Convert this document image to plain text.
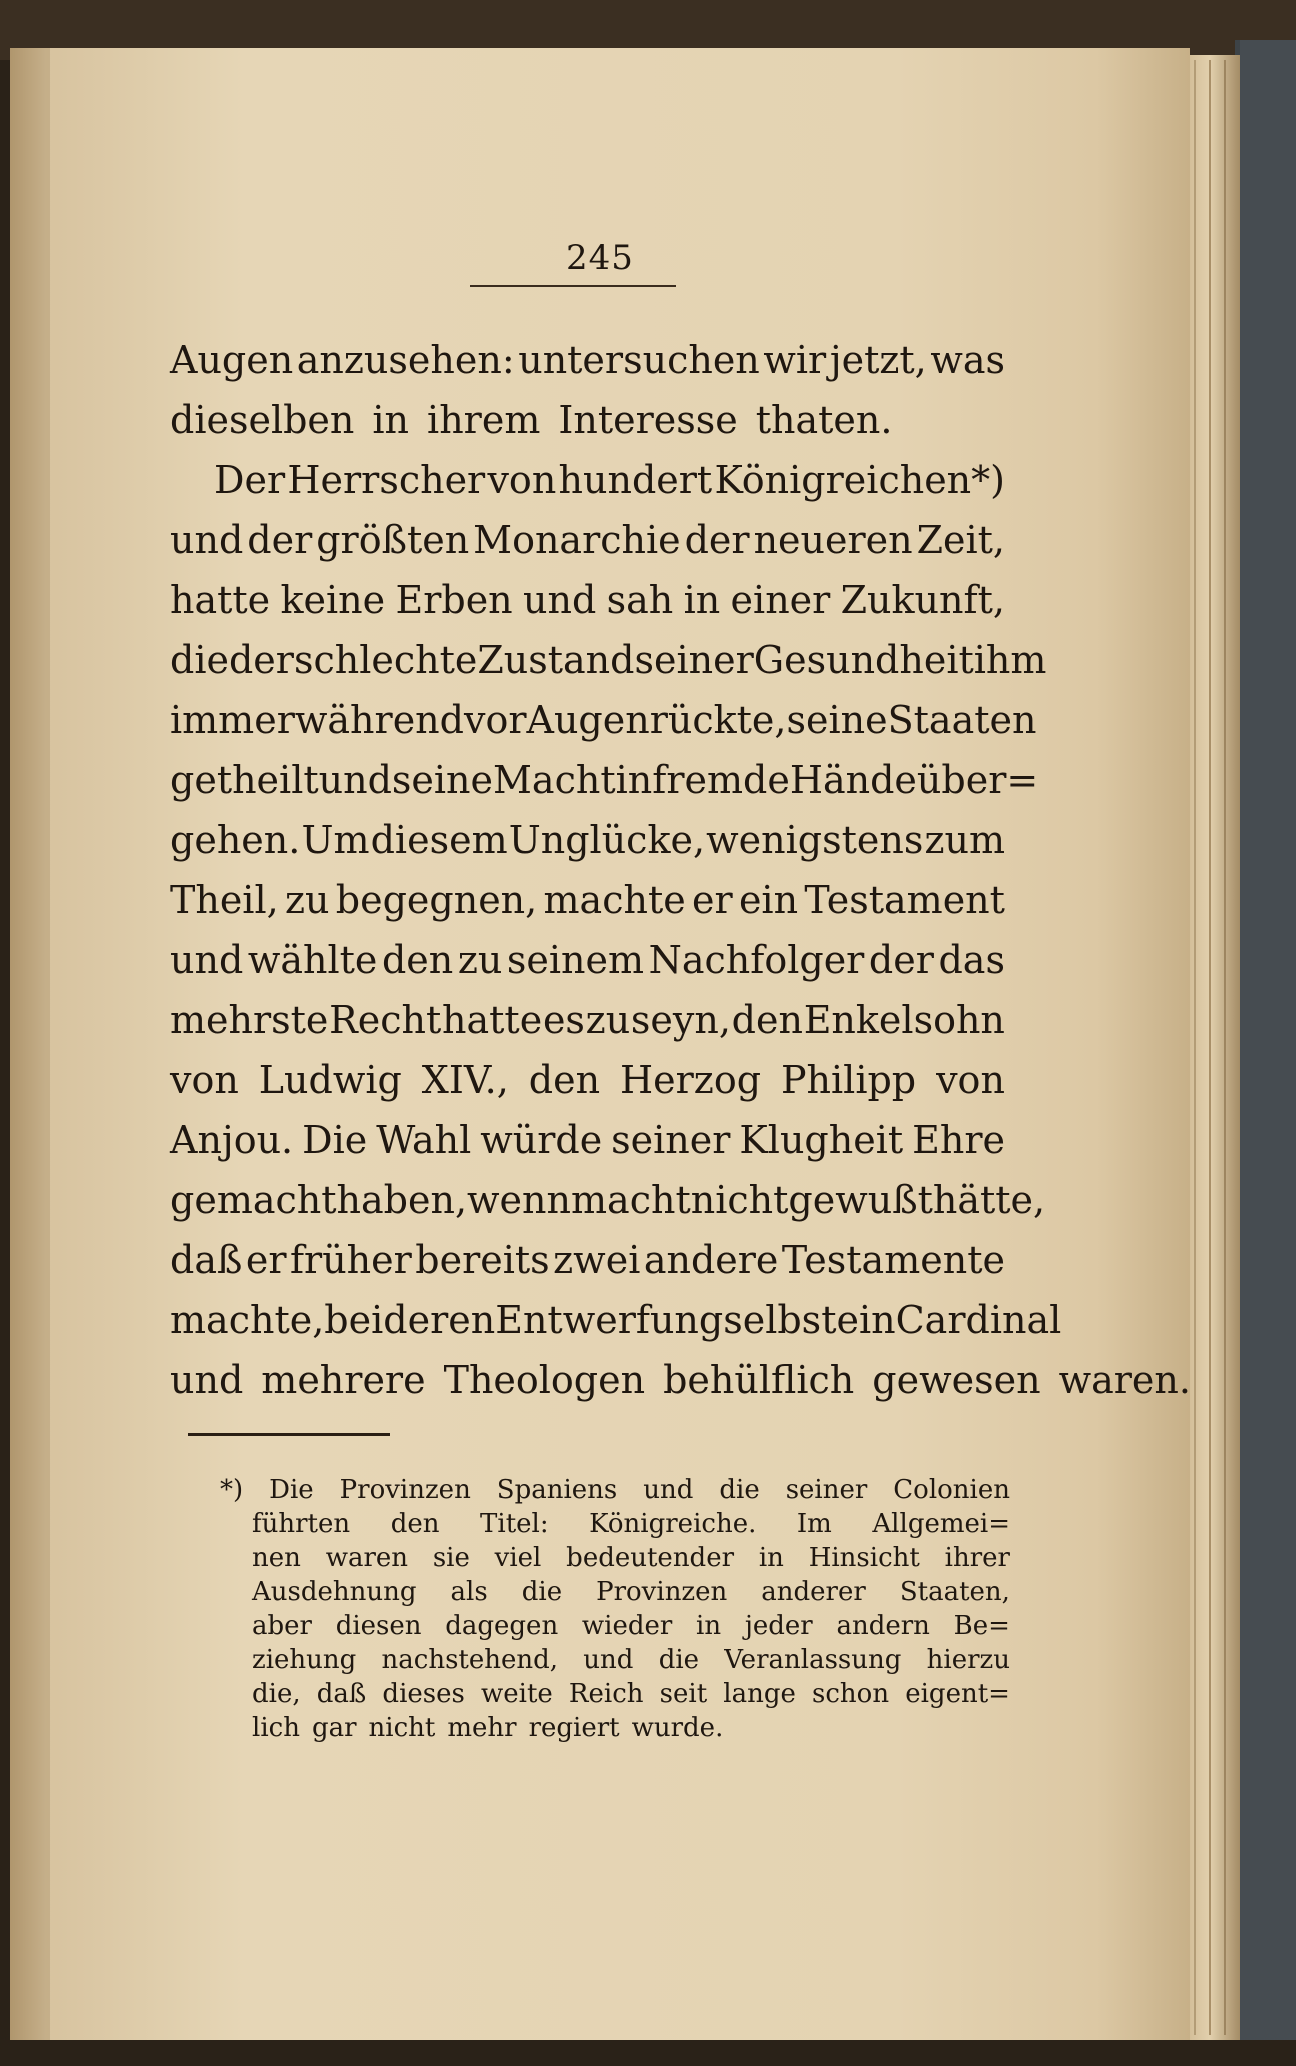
245
Augen anzusehen: untersuchen wir jetzt, was
dieselben in ihrem Interesse thaten.
Der Herrscher von hundert Königreichen*)
und der größten Monarchie der neueren Zeit,
hatte keine Erben und sah in einer Zukunft,
die der schlechte Zustand seiner Gesundheit ihm
immerwährend vor Augen rückte, seine Staaten
getheilt und seine Macht in fremde Hände über=
gehen. Um diesem Unglücke, wenigstens zum
Theil, zu begegnen, machte er ein Testament
und wählte den zu seinem Nachfolger der das
mehrste Recht hatte es zu seyn, den Enkelsohn
von Ludwig XIV., den Herzog Philipp von
Anjou. Die Wahl würde seiner Klugheit Ehre
gemacht haben, wenn macht nicht gewußt hätte,
daß er früher bereits zwei andere Testamente
machte, bei deren Entwerfung selbst ein Cardinal
und mehrere Theologen behülflich gewesen waren.
*) Die Provinzen Spaniens und die seiner Colonien
führten den Titel: Königreiche. Im Allgemei=
nen waren sie viel bedeutender in Hinsicht ihrer
Ausdehnung als die Provinzen anderer Staaten,
aber diesen dagegen wieder in jeder andern Be=
ziehung nachstehend, und die Veranlassung hierzu
die, daß dieses weite Reich seit lange schon eigent=
lich gar nicht mehr regiert wurde.
